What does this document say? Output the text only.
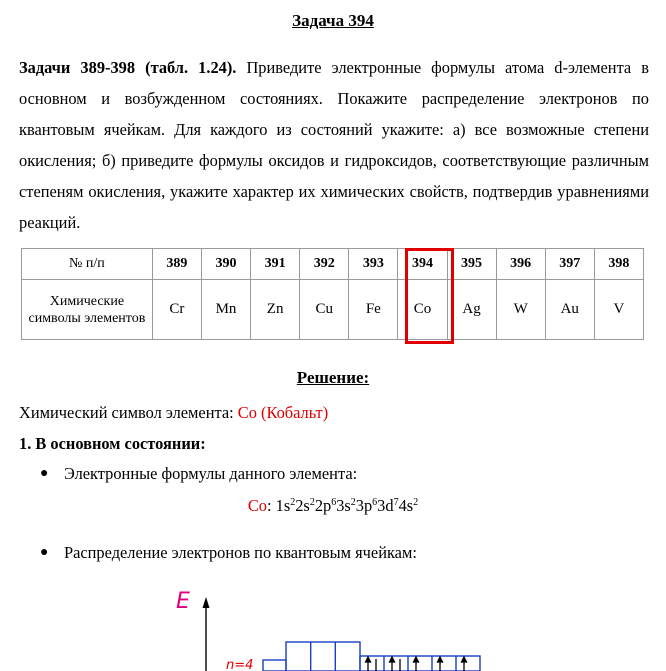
Задача 394
Задачи 389-398 (табл. 1.24). Приведите электронные формулы атома d-элемента в основном и возбужденном состояниях. Покажите распределение электронов по квантовым ячейкам. Для каждого из состояний укажите: а) все возможные степени окисления; б) приведите формулы оксидов и гидроксидов, соответствующие различным степеням окисления, укажите характер их химических свойств, подтвердив уравнениями реакций.
№ п/п	389	390	391	392	393	394	395	396	397	398
Химические символы элементов	Cr	Mn	Zn	Cu	Fe	Co	Ag	W	Au	V
Решение:
Химический символ элемента: Co (Кобальт)
1. В основном состоянии:
● Электронные формулы данного элемента:
Co: $1s^22s^22p^63s^23p^63d^74s^2$
● Распределение электронов по квантовым ячейкам:
E
n=4
